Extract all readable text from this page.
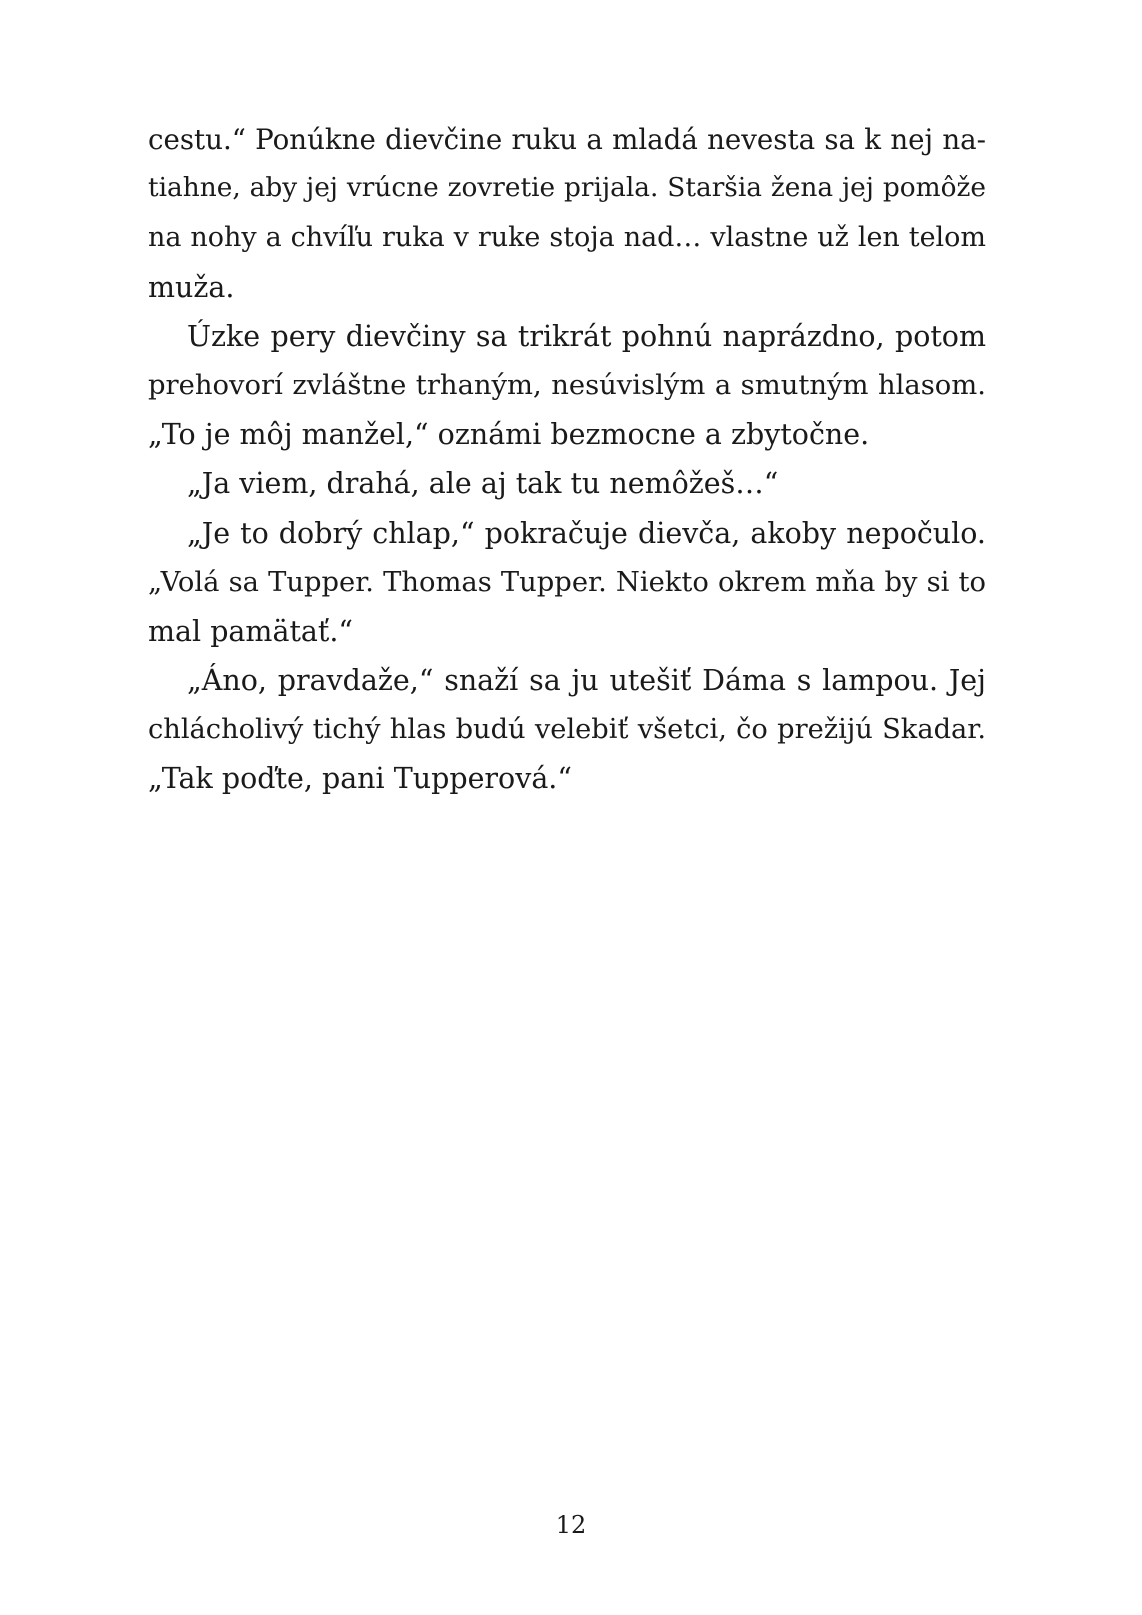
cestu.“ Ponúkne dievčine ruku a mladá nevesta sa k nej na-
tiahne, aby jej vrúcne zovretie prijala. Staršia žena jej pomôže
na nohy a chvíľu ruka v ruke stoja nad… vlastne už len telom
muža.
Úzke pery dievčiny sa trikrát pohnú naprázdno, potom
prehovorí zvláštne trhaným, nesúvislým a smutným hlasom.
„To je môj manžel,“ oznámi bezmocne a zbytočne.
„Ja viem, drahá, ale aj tak tu nemôžeš…“
„Je to dobrý chlap,“ pokračuje dievča, akoby nepočulo.
„Volá sa Tupper. Thomas Tupper. Niekto okrem mňa by si to
mal pamätať.“
„Áno, pravdaže,“ snaží sa ju utešiť Dáma s lampou. Jej
chlácholivý tichý hlas budú velebiť všetci, čo prežijú Skadar.
„Tak poďte, pani Tupperová.“
12
